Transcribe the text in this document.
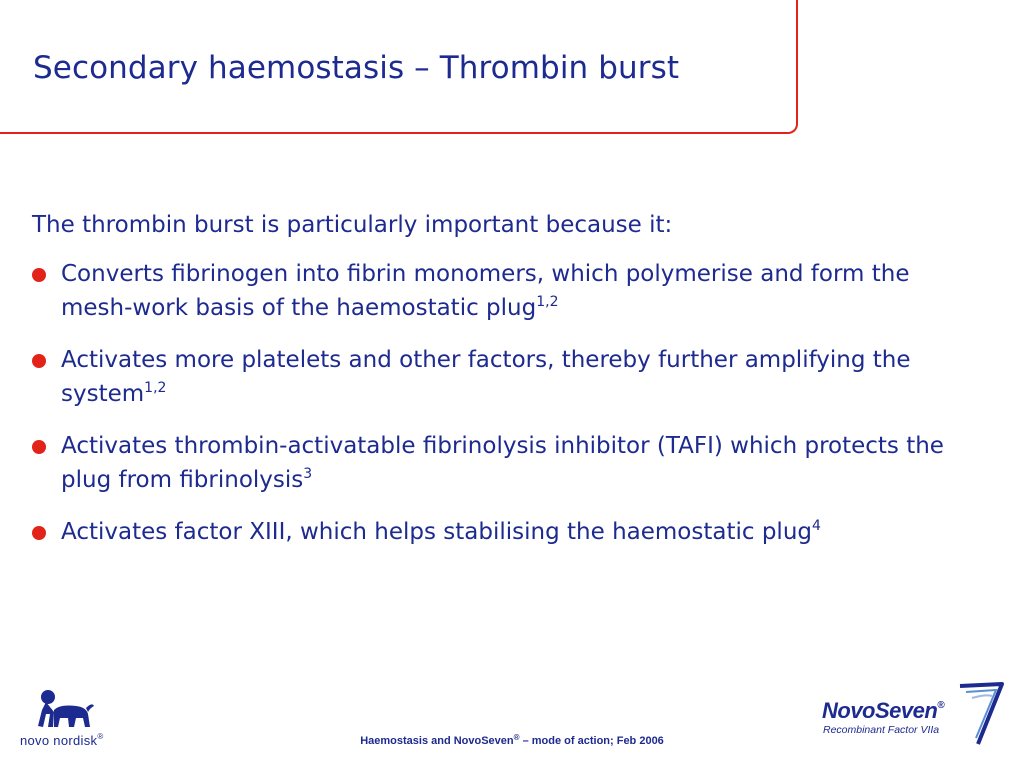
Secondary haemostasis – Thrombin burst

The thrombin burst is particularly important because it:

Converts fibrinogen into fibrin monomers, which polymerise and form the mesh-work basis of the haemostatic plug$^{1,2}$
Activates more platelets and other factors, thereby further amplifying the system$^{1,2}$
Activates thrombin-activatable fibrinolysis inhibitor (TAFI) which protects the plug from fibrinolysis$^3$
Activates factor XIII, which helps stabilising the haemostatic plug$^4$
novo nordisk®	Haemostasis and NovoSeven® – mode of action; Feb 2006
NovoSeven®
Recombinant Factor VIIa
